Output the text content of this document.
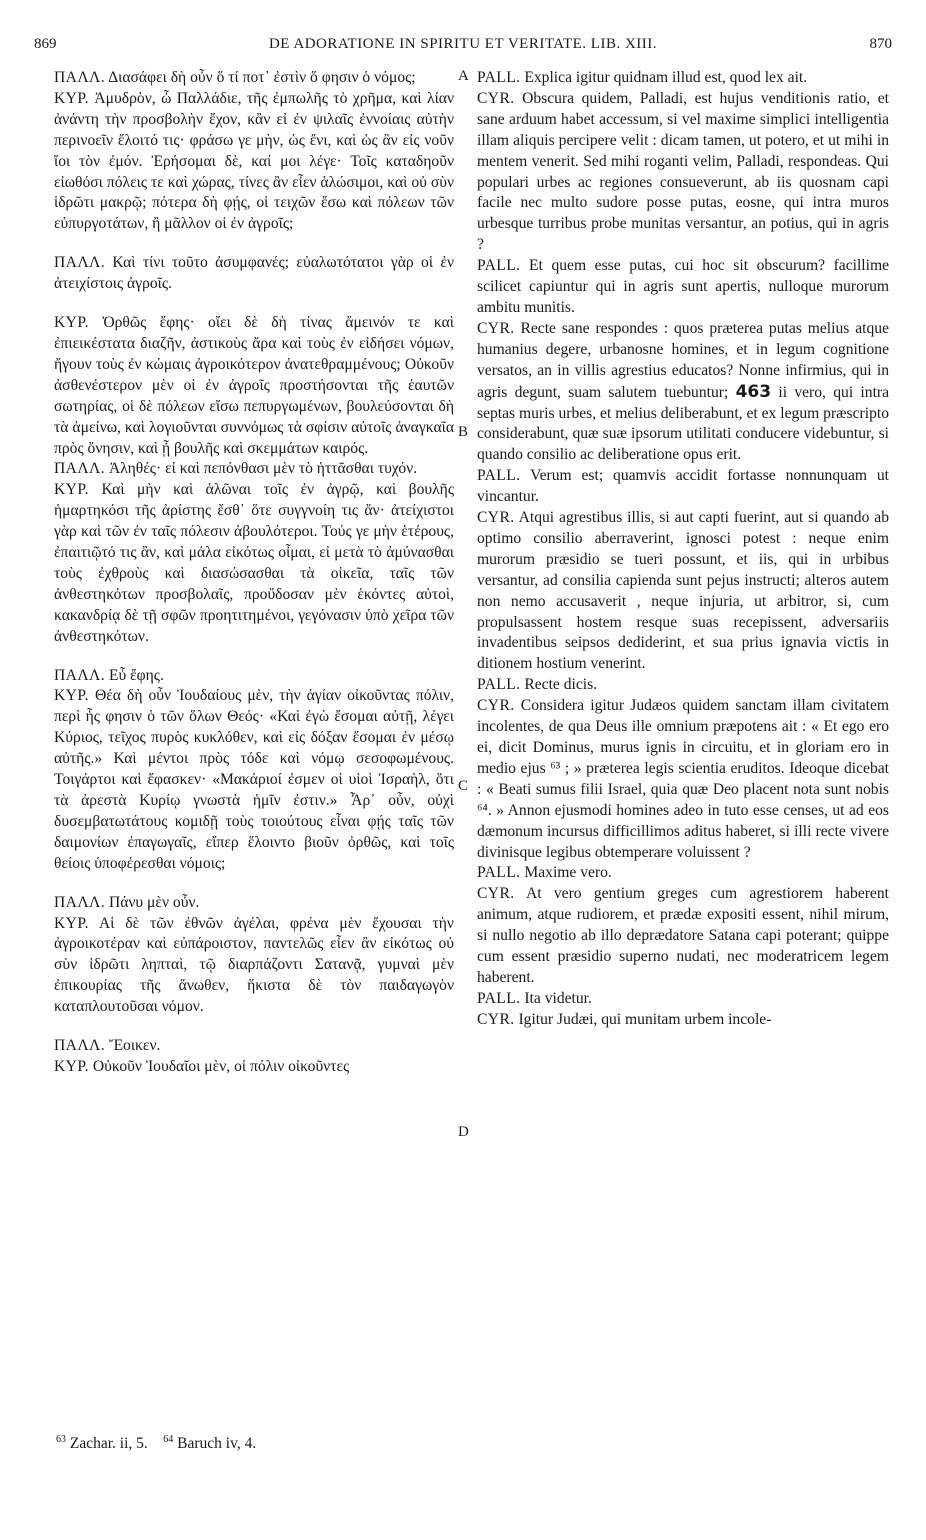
869	DE ADORATIONE IN SPIRITU ET VERITATE. LIB. XIII.	870
A
B
C
D

ΠΑΛΛ. Διασάφει δὴ οὖν ὅ τί ποτ᾽ ἐστὶν ὅ φησιν ὁ νόμος;

ΚΥΡ. Ἀμυδρὸν, ὦ Παλλάδιε, τῆς ἐμπωλῆς τὸ χρῆμα, καὶ λίαν ἀνάντη τὴν προσβολὴν ἔχον, κἂν εἰ ἐν ψιλαῖς ἐννοίαις αὐτὴν περινοεῖν ἔλοιτό τις· φράσω γε μὴν, ὡς ἔνι, καὶ ὡς ἂν εἰς νοῦν ἴοι τὸν ἐμόν. Ἐρήσομαι δὲ, καί μοι λέγε· Τοῖς καταδηοῦν εἰωθόσι πόλεις τε καὶ χώρας, τίνες ἂν εἶεν ἁλώσιμοι, καὶ οὐ σὺν ἱδρῶτι μακρῷ; πότερα δὴ φῄς, οἱ τειχῶν ἔσω καὶ πόλεων τῶν εὐπυργοτάτων, ἢ μᾶλλον οἱ ἐν ἀγροῖς;

ΠΑΛΛ. Καὶ τίνι τοῦτο ἀσυμφανές; εὐαλωτότατοι γὰρ οἱ ἐν ἀτειχίστοις ἀγροῖς.

ΚΥΡ. Ὀρθῶς ἔφης· οἴει δὲ δὴ τίνας ἄμεινόν τε καὶ ἐπιεικέστατα διαζῆν, ἀστικοὺς ἄρα καὶ τοὺς ἐν εἰδήσει νόμων, ἤγουν τοὺς ἐν κώμαις ἀγροικότερον ἀνατεθραμμένους; Οὐκοῦν ἀσθενέστερον μὲν οἱ ἐν ἀγροῖς προστήσονται τῆς ἑαυτῶν σωτηρίας, οἱ δὲ πόλεων εἴσω πεπυργωμένων, βουλεύσονται δὴ τὰ ἀμείνω, καὶ λογιοῦνται συννόμως τὰ σφίσιν αὐτοῖς ἀναγκαῖα πρὸς ὄνησιν, καὶ ᾖ βουλῆς καὶ σκεμμάτων καιρός.

ΠΑΛΛ. Ἀληθές· εἰ καὶ πεπόνθασι μὲν τὸ ἡττᾶσθαι τυχόν.

ΚΥΡ. Καὶ μὴν καὶ ἁλῶναι τοῖς ἐν ἀγρῷ, καὶ βουλῆς ἡμαρτηκόσι τῆς ἀρίστης ἔσθ᾽ ὅτε συγγνοίη τις ἄν· ἀτείχιστοι γὰρ καὶ τῶν ἐν ταῖς πόλεσιν ἀβουλότεροι. Τούς γε μὴν ἑτέρους, ἐπαιτιῷτό τις ἂν, καὶ μάλα εἰκότως οἶμαι, εἰ μετὰ τὸ ἀμύνασθαι τοὺς ἐχθροὺς καὶ διασώσασθαι τὰ οἰκεῖα, ταῖς τῶν ἀνθεστηκότων προσβολαῖς, προὔδοσαν μὲν ἑκόντες αὐτοὶ, κακανδρίᾳ δὲ τῇ σφῶν προητιτημένοι, γεγόνασιν ὑπὸ χεῖρα τῶν ἀνθεστηκότων.

ΠΑΛΛ. Εὖ ἔφης.

ΚΥΡ. Θέα δὴ οὖν Ἰουδαίους μὲν, τὴν ἁγίαν οἰκοῦντας πόλιν, περὶ ἧς φησιν ὁ τῶν ὅλων Θεός· «Καὶ ἐγὼ ἔσομαι αὐτῇ, λέγει Κύριος, τεῖχος πυρὸς κυκλόθεν, καὶ εἰς δόξαν ἔσομαι ἐν μέσῳ αὐτῆς.» Καὶ μέντοι πρὸς τόδε καὶ νόμῳ σεσοφωμένους. Τοιγάρτοι καὶ ἔφασκεν· «Μακάριοί ἐσμεν οἱ υἱοὶ Ἰσραὴλ, ὅτι τὰ ἀρεστὰ Κυρίῳ γνωστὰ ἡμῖν ἐστιν.» Ἆρ᾽ οὖν, οὐχὶ δυσεμβατωτάτους κομιδῇ τοὺς τοιούτους εἶναι φῄς ταῖς τῶν δαιμονίων ἐπαγωγαῖς, εἴπερ ἕλοιντο βιοῦν ὀρθῶς, καὶ τοῖς θείοις ὑποφέρεσθαι νόμοις;

ΠΑΛΛ. Πάνυ μὲν οὖν.

ΚΥΡ. Αἱ δὲ τῶν ἐθνῶν ἀγέλαι, φρένα μὲν ἔχουσαι τὴν ἀγροικοτέραν καὶ εὐπάροιστον, παντελῶς εἶεν ἂν εἰκότως οὐ σὺν ἱδρῶτι ληπταὶ, τῷ διαρπάζοντι Σατανᾷ, γυμναὶ μὲν ἐπικουρίας τῆς ἄνωθεν, ἥκιστα δὲ τὸν παιδαγωγὸν καταπλουτοῦσαι νόμον.

ΠΑΛΛ. Ἔοικεν.

ΚΥΡ. Οὐκοῦν Ἰουδαῖοι μὲν, οἱ πόλιν οἰκοῦντες

PALL. Explica igitur quidnam illud est, quod lex ait.

CYR. Obscura quidem, Palladi, est hujus venditionis ratio, et sane arduum habet accessum, si vel maxime simplici intelligentia illam aliquis percipere velit : dicam tamen, ut potero, et ut mihi in mentem venerit. Sed mihi roganti velim, Palladi, respondeas. Qui populari urbes ac regiones consueverunt, ab iis quosnam capi facile nec multo sudore posse putas, eosne, qui intra muros urbesque turribus probe munitas versantur, an potius, qui in agris ?

PALL. Et quem esse putas, cui hoc sit obscurum? facillime scilicet capiuntur qui in agris sunt apertis, nulloque murorum ambitu munitis.

CYR. Recte sane respondes : quos præterea putas melius atque humanius degere, urbanosne homines, et in legum cognitione versatos, an in villis agrestius educatos? Nonne infirmius, qui in agris degunt, suam salutem tuebuntur; 463 ii vero, qui intra septas muris urbes, et melius deliberabunt, et ex legum præscripto considerabunt, quæ suæ ipsorum utilitati conducere videbuntur, si quando consilio ac deliberatione opus erit.

PALL. Verum est; quamvis accidit fortasse nonnunquam ut vincantur.

CYR. Atqui agrestibus illis, si aut capti fuerint, aut si quando ab optimo consilio aberraverint, ignosci potest : neque enim murorum præsidio se tueri possunt, et iis, qui in urbibus versantur, ad consilia capienda sunt pejus instructi; alteros autem non nemo accusaverit , neque injuria, ut arbitror, si, cum propulsassent hostem resque suas recepissent, adversariis invadentibus seipsos dediderint, et sua prius ignavia victis in ditionem hostium venerint.

PALL. Recte dicis.

CYR. Considera igitur Judæos quidem sanctam illam civitatem incolentes, de qua Deus ille omnium præpotens ait : « Et ego ero ei, dicit Dominus, murus ignis in circuitu, et in gloriam ero in medio ejus ⁶³ ; » præterea legis scientia eruditos. Ideoque dicebat : « Beati sumus filii Israel, quia quæ Deo placent nota sunt nobis ⁶⁴. » Annon ejusmodi homines adeo in tuto esse censes, ut ad eos dæmonum incursus difficillimos aditus haberet, si illi recte vivere divinisque legibus obtemperare voluissent ?

PALL. Maxime vero.

CYR. At vero gentium greges cum agrestiorem haberent animum, atque rudiorem, et prædæ expositi essent, nihil mirum, si nullo negotio ab illo deprædatore Satana capi poterant; quippe cum essent præsidio superno nudati, nec moderatricem legem haberent.

PALL. Ita videtur.

CYR. Igitur Judæi, qui munitam urbem incole-

$^{63}$ Zachar. ii, 5. $^{64}$ Baruch iv, 4.
